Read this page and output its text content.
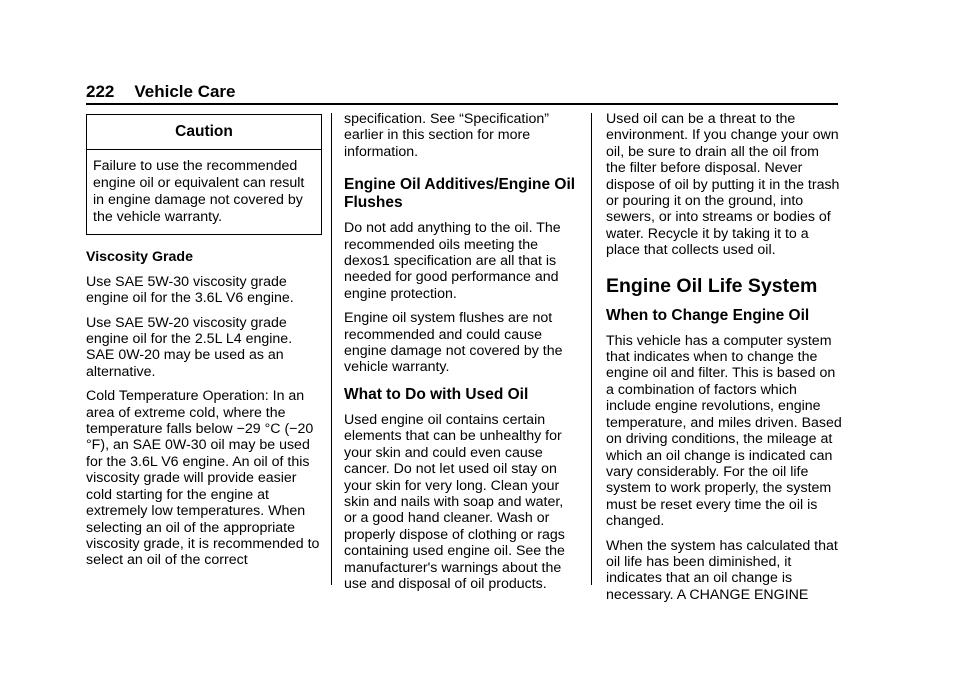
222 Vehicle Care
Caution
Failure to use the recommended engine oil or equivalent can result in engine damage not covered by the vehicle warranty.
Viscosity Grade

Use SAE 5W-30 viscosity grade engine oil for the 3.6L V6 engine.

Use SAE 5W-20 viscosity grade engine oil for the 2.5L L4 engine. SAE 0W-20 may be used as an alternative.

Cold Temperature Operation: In an area of extreme cold, where the temperature falls below −29 °C (−20 °F), an SAE 0W-30 oil may be used for the 3.6L V6 engine. An oil of this viscosity grade will provide easier cold starting for the engine at extremely low temperatures. When selecting an oil of the appropriate viscosity grade, it is recommended to select an oil of the correct

specification. See “Specification” earlier in this section for more information.

Engine Oil Additives/Engine Oil Flushes

Do not add anything to the oil. The recommended oils meeting the dexos1 specification are all that is needed for good performance and engine protection.

Engine oil system flushes are not recommended and could cause engine damage not covered by the vehicle warranty.

What to Do with Used Oil

Used engine oil contains certain elements that can be unhealthy for your skin and could even cause cancer. Do not let used oil stay on your skin for very long. Clean your skin and nails with soap and water, or a good hand cleaner. Wash or properly dispose of clothing or rags containing used engine oil. See the manufacturer's warnings about the use and disposal of oil products.

Used oil can be a threat to the environment. If you change your own oil, be sure to drain all the oil from the filter before disposal. Never dispose of oil by putting it in the trash or pouring it on the ground, into sewers, or into streams or bodies of water. Recycle it by taking it to a place that collects used oil.

Engine Oil Life System
When to Change Engine Oil

This vehicle has a computer system that indicates when to change the engine oil and filter. This is based on a combination of factors which include engine revolutions, engine temperature, and miles driven. Based on driving conditions, the mileage at which an oil change is indicated can vary considerably. For the oil life system to work properly, the system must be reset every time the oil is changed.

When the system has calculated that oil life has been diminished, it indicates that an oil change is necessary. A CHANGE ENGINE
